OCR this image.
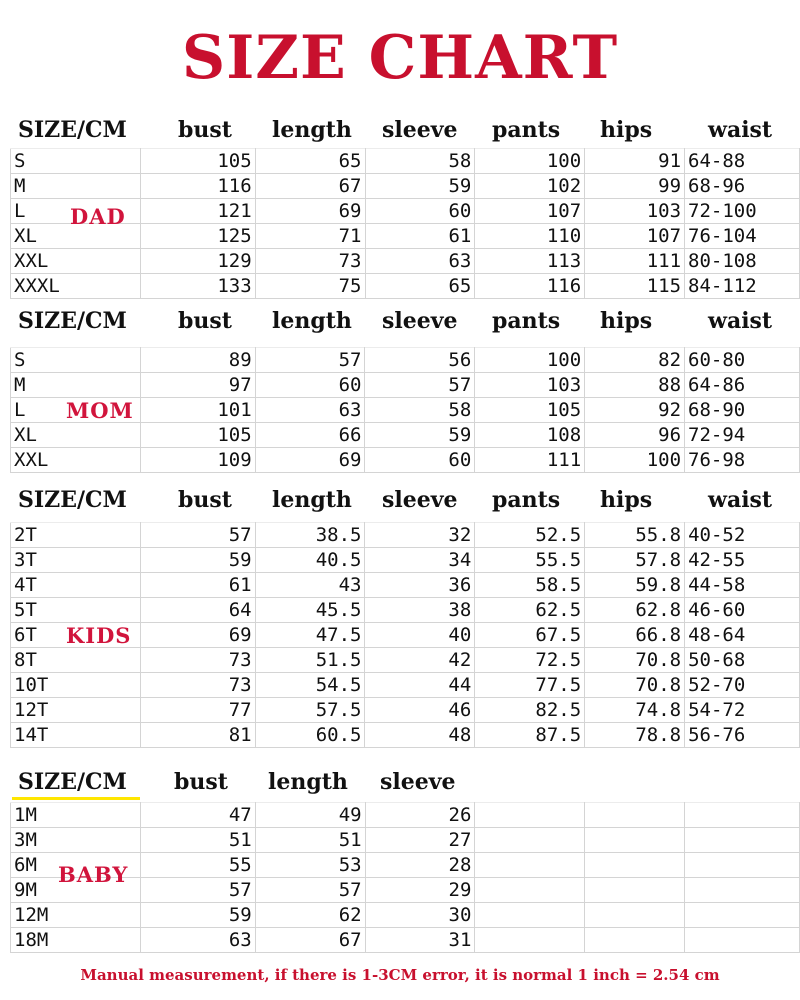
SIZE CHART
SIZE/CM bust length sleeve pants hips	waist
S	105	65	58	100	91	64-88
M	116	67	59	102	99	68-96
L	121	69	60	107	103	72-100
XL	125	71	61	110	107	76-104
XXL	129	73	63	113	111	80-108
XXXL	133	75	65	116	115	84-112
DAD
SIZE/CM bust length sleeve pants hips	waist
S	89	57	56	100	82	60-80
M	97	60	57	103	88	64-86
L	101	63	58	105	92	68-90
XL	105	66	59	108	96	72-94
XXL	109	69	60	111	100	76-98
MOM
SIZE/CM bust length sleeve pants hips	waist
2T	57	38.5	32	52.5	55.8	40-52
3T	59	40.5	34	55.5	57.8	42-55
4T	61	43	36	58.5	59.8	44-58
5T	64	45.5	38	62.5	62.8	46-60
6T	69	47.5	40	67.5	66.8	48-64
8T	73	51.5	42	72.5	70.8	50-68
10T	73	54.5	44	77.5	70.8	52-70
12T	77	57.5	46	82.5	74.8	54-72
14T	81	60.5	48	87.5	78.8	56-76
KIDS
SIZE/CM bust length sleeve
1M	47	49	26			
3M	51	51	27			
6M	55	53	28			
9M	57	57	29			
12M	59	62	30			
18M	63	67	31			
BABY
Manual measurement, if there is 1-3CM error, it is normal 1 inch = 2.54 cm
